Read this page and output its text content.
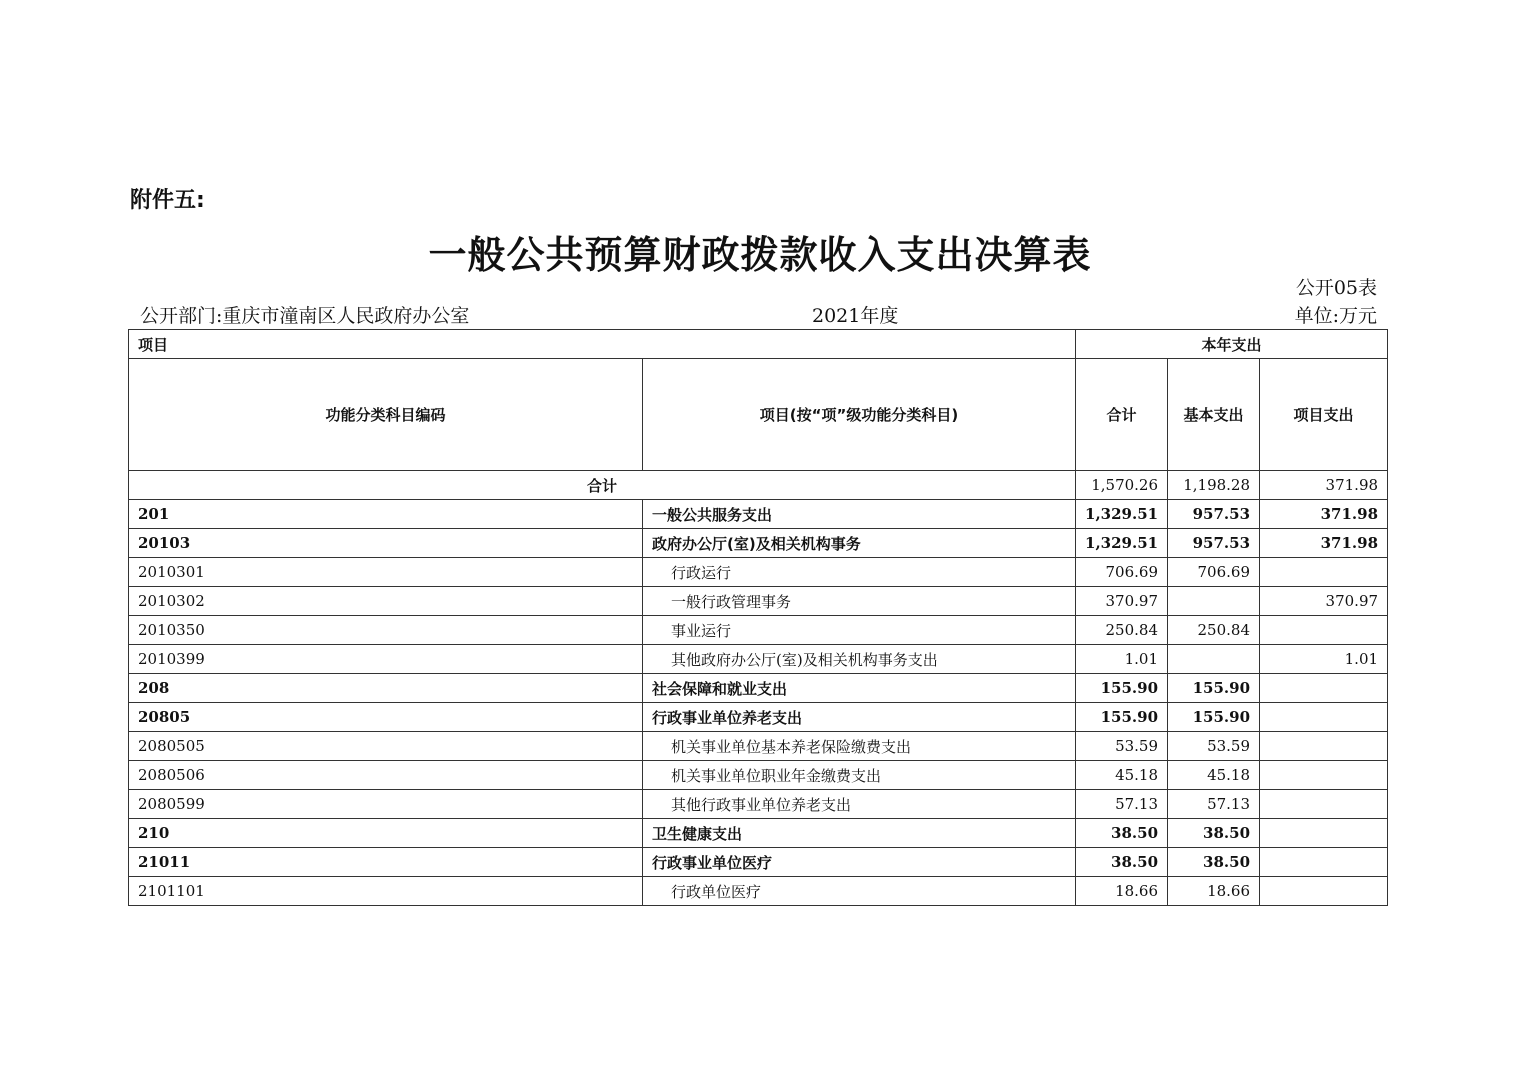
附件五:
一般公共预算财政拨款收入支出决算表
公开05表
公开部门:重庆市潼南区人民政府办公室	2021年度	单位:万元
项目		本年支出		
功能分类科目编码	项目(按“项”级功能分类科目)	合计	基本支出	项目支出
合计		1,570.26	1,198.28	371.98
201	一般公共服务支出	1,329.51	957.53	371.98
20103	政府办公厅(室)及相关机构事务	1,329.51	957.53	371.98
2010301	行政运行	706.69	706.69	
2010302	一般行政管理事务	370.97		370.97
2010350	事业运行	250.84	250.84	
2010399	其他政府办公厅(室)及相关机构事务支出	1.01		1.01
208	社会保障和就业支出	155.90	155.90	
20805	行政事业单位养老支出	155.90	155.90	
2080505	机关事业单位基本养老保险缴费支出	53.59	53.59	
2080506	机关事业单位职业年金缴费支出	45.18	45.18	
2080599	其他行政事业单位养老支出	57.13	57.13	
210	卫生健康支出	38.50	38.50	
21011	行政事业单位医疗	38.50	38.50	
2101101	行政单位医疗	18.66	18.66	
